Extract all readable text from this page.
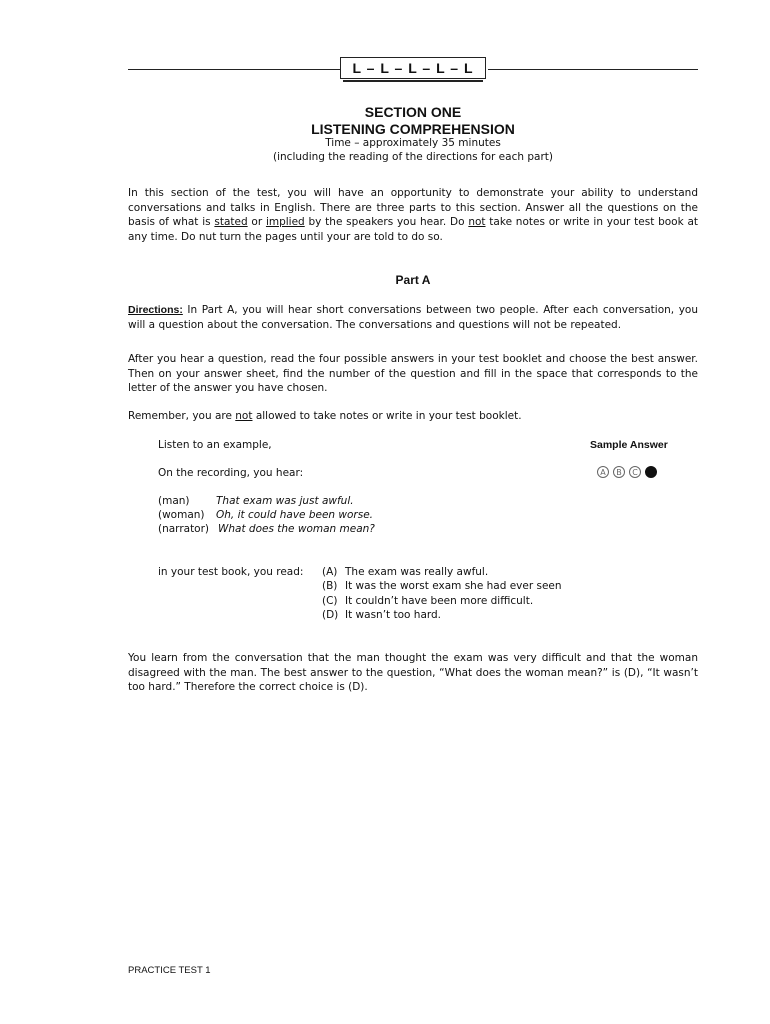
L – L – L – L – L
SECTION ONE
LISTENING COMPREHENSION
Time – approximately 35 minutes
(including the reading of the directions for each part)
In this section of the test, you will have an opportunity to demonstrate your ability to understand conversations and talks in English. There are three parts to this section. Answer all the questions on the basis of what is stated or implied by the speakers you hear. Do not take notes or write in your test book at any time. Do nut turn the pages until your are told to do so.
Part A
Directions: In Part A, you will hear short conversations between two people. After each conversation, you will a question about the conversation. The conversations and questions will not be repeated.
After you hear a question, read the four possible answers in your test booklet and choose the best answer. Then on your answer sheet, find the number of the question and fill in the space that corresponds to the letter of the answer you have chosen.
Remember, you are not allowed to take notes or write in your test booklet.
Listen to an example,	Sample Answer
On the recording, you hear:	A B C D
(man)	That exam was just awful.
(woman) Oh, it could have been worse.
(narrator) What does the woman mean?
in your test book, you read: (A) The exam was really awful.
(B) It was the worst exam she had ever seen
(C) It couldn’t have been more difficult.
(D) It wasn’t too hard.
You learn from the conversation that the man thought the exam was very difficult and that the woman disagreed with the man. The best answer to the question, “What does the woman mean?” is (D), “It wasn’t too hard.” Therefore the correct choice is (D).
PRACTICE TEST 1
